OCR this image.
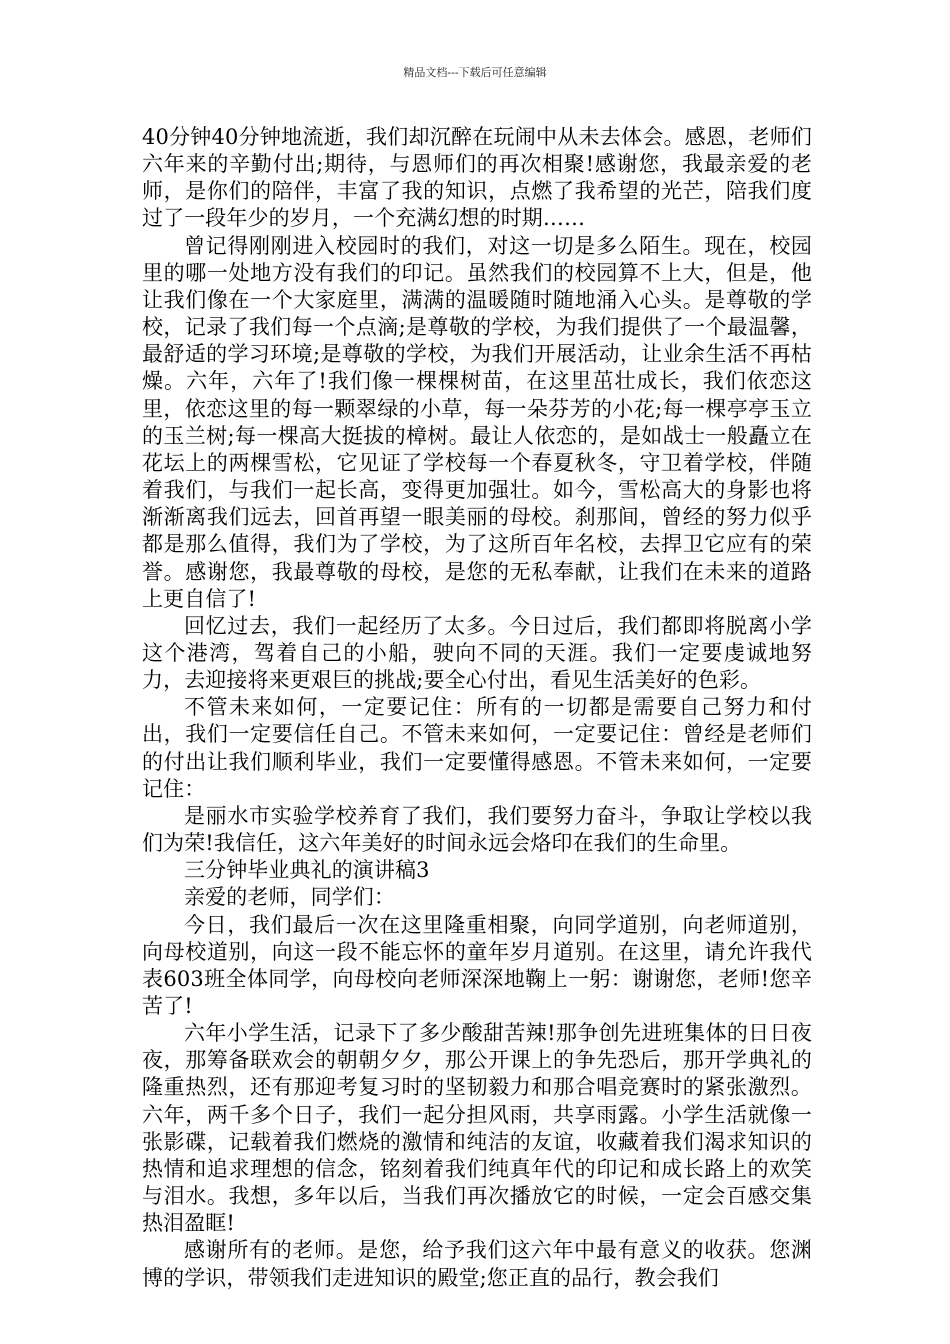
精品文档---下载后可任意编辑

40分钟40分钟地流逝，我们却沉醉在玩闹中从未去体会。感恩，老师们六年来的辛勤付出;期待，与恩师们的再次相聚!感谢您，我最亲爱的老师，是你们的陪伴，丰富了我的知识，点燃了我希望的光芒，陪我们度过了一段年少的岁月，一个充满幻想的时期……

曾记得刚刚进入校园时的我们，对这一切是多么陌生。现在，校园里的哪一处地方没有我们的印记。虽然我们的校园算不上大，但是，他让我们像在一个大家庭里，满满的温暖随时随地涌入心头。是尊敬的学校，记录了我们每一个点滴;是尊敬的学校，为我们提供了一个最温馨，最舒适的学习环境;是尊敬的学校，为我们开展活动，让业余生活不再枯燥。六年，六年了!我们像一棵棵树苗，在这里茁壮成长，我们依恋这里，依恋这里的每一颗翠绿的小草，每一朵芬芳的小花;每一棵亭亭玉立的玉兰树;每一棵高大挺拔的樟树。最让人依恋的，是如战士一般矗立在花坛上的两棵雪松，它见证了学校每一个春夏秋冬，守卫着学校，伴随着我们，与我们一起长高，变得更加强壮。如今，雪松高大的身影也将渐渐离我们远去，回首再望一眼美丽的母校。刹那间，曾经的努力似乎都是那么值得，我们为了学校，为了这所百年名校，去捍卫它应有的荣誉。感谢您，我最尊敬的母校，是您的无私奉献，让我们在未来的道路上更自信了!

回忆过去，我们一起经历了太多。今日过后，我们都即将脱离小学这个港湾，驾着自己的小船，驶向不同的天涯。我们一定要虔诚地努力，去迎接将来更艰巨的挑战;要全心付出，看见生活美好的色彩。

不管未来如何，一定要记住：所有的一切都是需要自己努力和付出，我们一定要信任自己。不管未来如何，一定要记住：曾经是老师们的付出让我们顺利毕业，我们一定要懂得感恩。不管未来如何，一定要记住：

是丽水市实验学校养育了我们，我们要努力奋斗，争取让学校以我们为荣!我信任，这六年美好的时间永远会烙印在我们的生命里。

三分钟毕业典礼的演讲稿3

亲爱的老师，同学们：

今日，我们最后一次在这里隆重相聚，向同学道别，向老师道别，向母校道别，向这一段不能忘怀的童年岁月道别。在这里，请允许我代表603班全体同学，向母校向老师深深地鞠上一躬：谢谢您，老师!您辛苦了!

六年小学生活，记录下了多少酸甜苦辣!那争创先进班集体的日日夜夜，那筹备联欢会的朝朝夕夕，那公开课上的争先恐后，那开学典礼的隆重热烈，还有那迎考复习时的坚韧毅力和那合唱竞赛时的紧张激烈。六年，两千多个日子，我们一起分担风雨，共享雨露。小学生活就像一张影碟，记载着我们燃烧的激情和纯洁的友谊，收藏着我们渴求知识的热情和追求理想的信念，铭刻着我们纯真年代的印记和成长路上的欢笑与泪水。我想，多年以后，当我们再次播放它的时候，一定会百感交集热泪盈眶!

感谢所有的老师。是您，给予我们这六年中最有意义的收获。您渊博的学识，带领我们走进知识的殿堂;您正直的品行，教会我们
